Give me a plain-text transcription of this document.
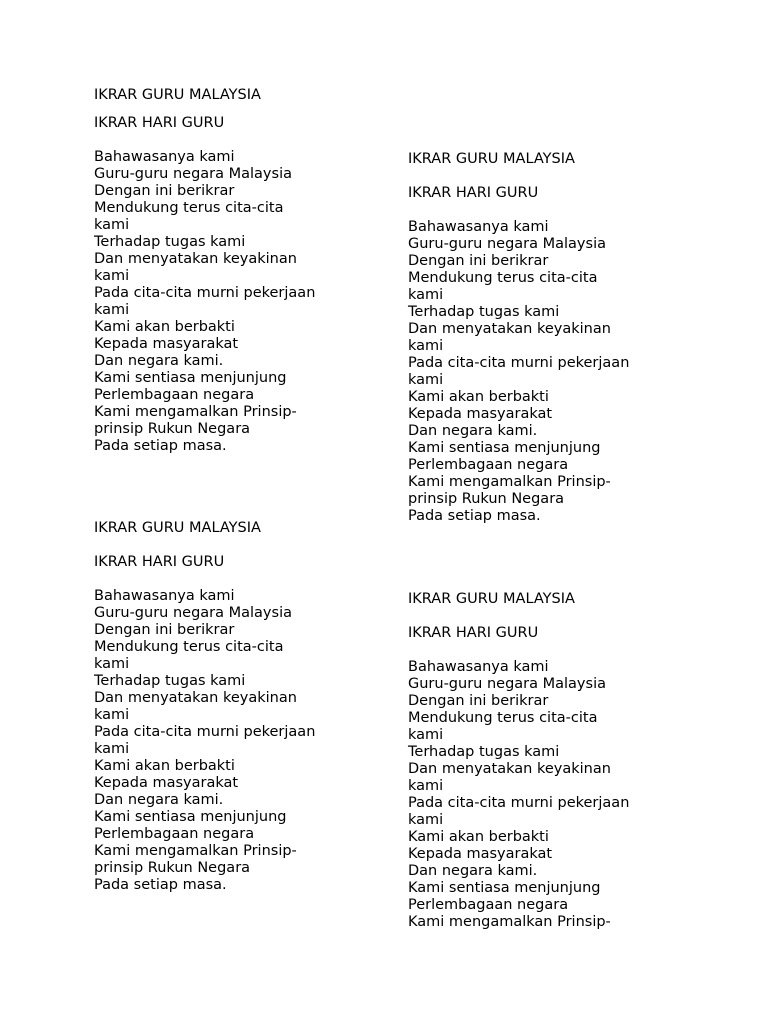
IKRAR GURU MALAYSIA

IKRAR HARI GURU

Bahawasanya kami
Guru-guru negara Malaysia
Dengan ini berikrar
Mendukung terus cita-cita
kami
Terhadap tugas kami
Dan menyatakan keyakinan
kami
Pada cita-cita murni pekerjaan
kami
Kami akan berbakti
Kepada masyarakat
Dan negara kami.
Kami sentiasa menjunjung
Perlembagaan negara
Kami mengamalkan Prinsip-
prinsip Rukun Negara
Pada setiap masa.

IKRAR GURU MALAYSIA

IKRAR HARI GURU

Bahawasanya kami
Guru-guru negara Malaysia
Dengan ini berikrar
Mendukung terus cita-cita
kami
Terhadap tugas kami
Dan menyatakan keyakinan
kami
Pada cita-cita murni pekerjaan
kami
Kami akan berbakti
Kepada masyarakat
Dan negara kami.
Kami sentiasa menjunjung
Perlembagaan negara
Kami mengamalkan Prinsip-
prinsip Rukun Negara
Pada setiap masa.

IKRAR GURU MALAYSIA

IKRAR HARI GURU

Bahawasanya kami
Guru-guru negara Malaysia
Dengan ini berikrar
Mendukung terus cita-cita
kami
Terhadap tugas kami
Dan menyatakan keyakinan
kami
Pada cita-cita murni pekerjaan
kami
Kami akan berbakti
Kepada masyarakat
Dan negara kami.
Kami sentiasa menjunjung
Perlembagaan negara
Kami mengamalkan Prinsip-
prinsip Rukun Negara
Pada setiap masa.

IKRAR GURU MALAYSIA

IKRAR HARI GURU

Bahawasanya kami
Guru-guru negara Malaysia
Dengan ini berikrar
Mendukung terus cita-cita
kami
Terhadap tugas kami
Dan menyatakan keyakinan
kami
Pada cita-cita murni pekerjaan
kami
Kami akan berbakti
Kepada masyarakat
Dan negara kami.
Kami sentiasa menjunjung
Perlembagaan negara
Kami mengamalkan Prinsip-
